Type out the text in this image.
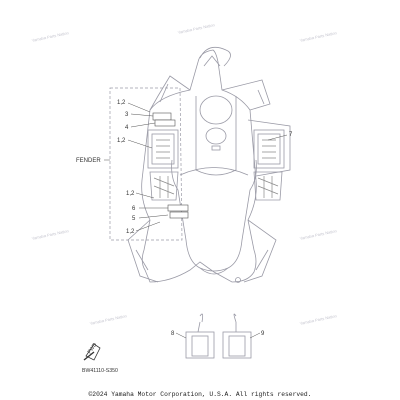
Yamaha Parts Nation	Yamaha Parts Nation
Yamaha Parts Nation
Yamaha Parts Nation	Yamaha Parts Nation
Yamaha Parts Nation	Yamaha Parts Nation
1,2
3
4
1,2
7
FENDER
1,2
6
5
1,2
8	9
FWD
BW41110-S350
©2024 Yamaha Motor Corporation, U.S.A. All rights reserved.
